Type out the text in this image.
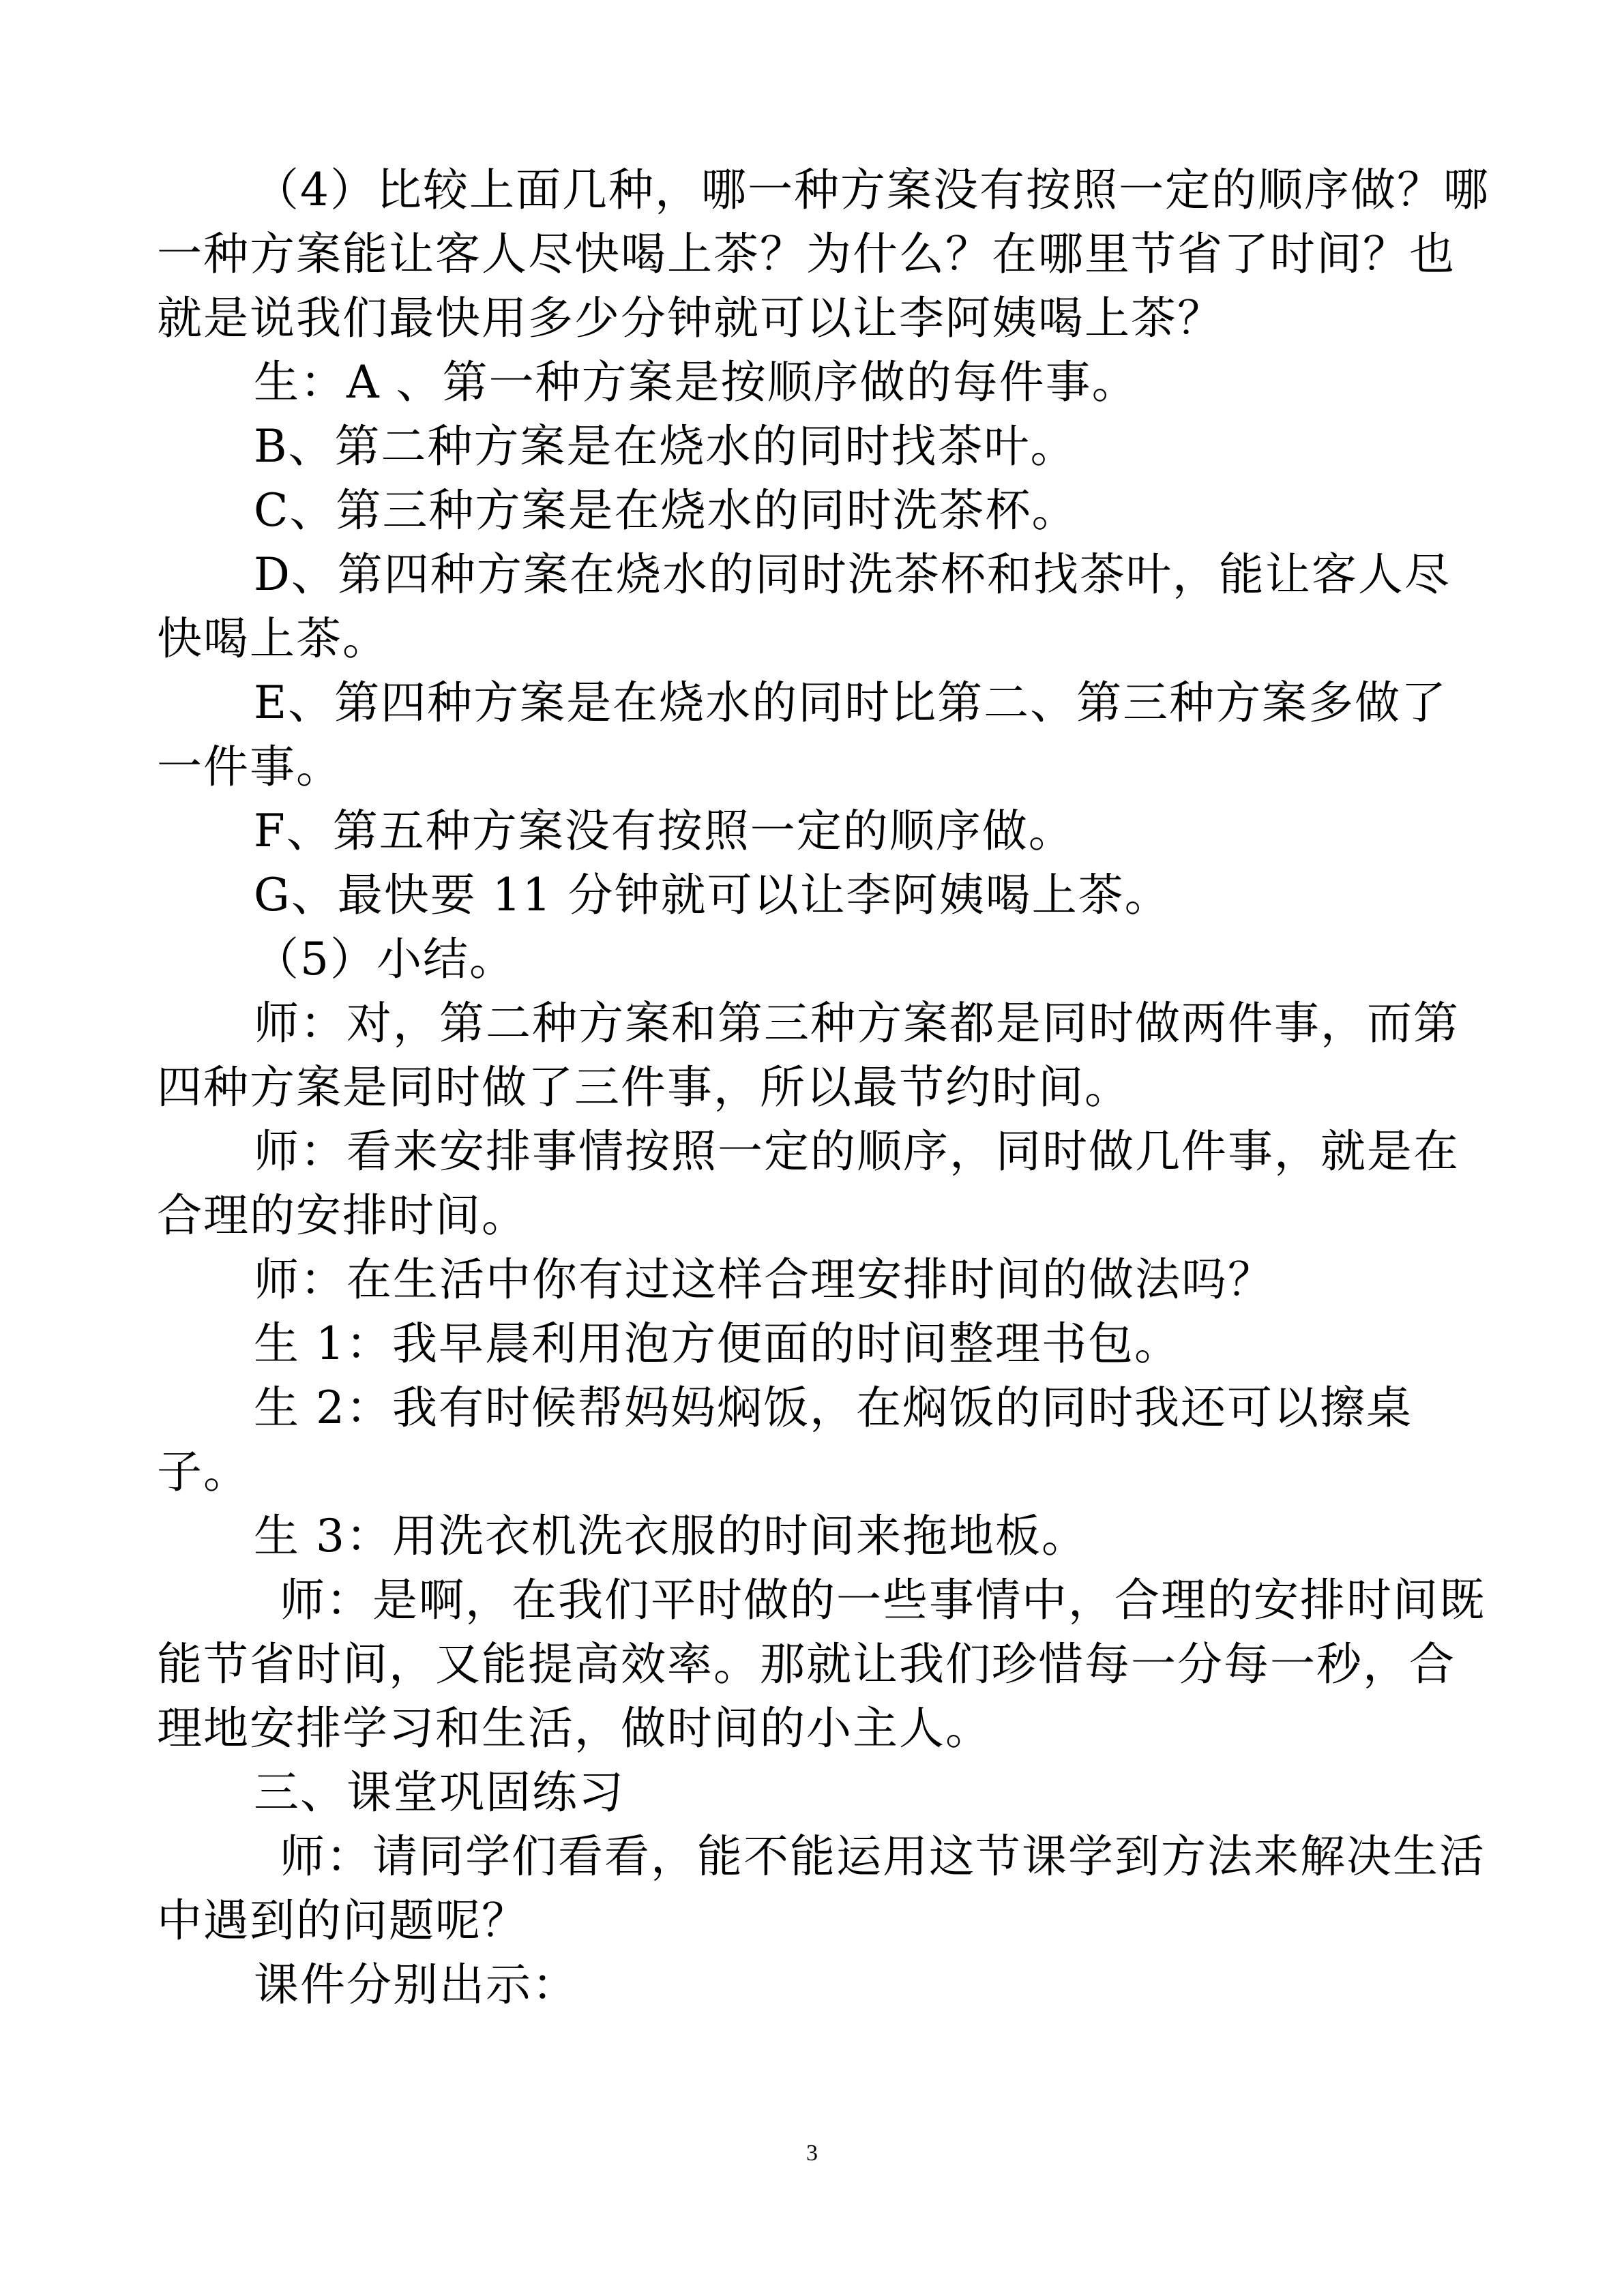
（4）比较上面几种，哪一种方案没有按照一定的顺序做？哪一种方案能让客人尽快喝上茶？为什么？在哪里节省了时间？也就是说我们最快用多少分钟就可以让李阿姨喝上茶？

生：A 、第一种方案是按顺序做的每件事。

B、第二种方案是在烧水的同时找茶叶。

C、第三种方案是在烧水的同时洗茶杯。

D、第四种方案在烧水的同时洗茶杯和找茶叶，能让客人尽快喝上茶。

E、第四种方案是在烧水的同时比第二、第三种方案多做了一件事。

F、第五种方案没有按照一定的顺序做。

G、最快要 11 分钟就可以让李阿姨喝上茶。

（5）小结。

师：对，第二种方案和第三种方案都是同时做两件事，而第四种方案是同时做了三件事，所以最节约时间。

师：看来安排事情按照一定的顺序，同时做几件事，就是在合理的安排时间。

师：在生活中你有过这样合理安排时间的做法吗？

生 1：我早晨利用泡方便面的时间整理书包。

生 2：我有时候帮妈妈焖饭，在焖饭的同时我还可以擦桌子。

生 3：用洗衣机洗衣服的时间来拖地板。

师：是啊，在我们平时做的一些事情中，合理的安排时间既能节省时间，又能提高效率。那就让我们珍惜每一分每一秒，合理地安排学习和生活，做时间的小主人。

三、课堂巩固练习

师：请同学们看看，能不能运用这节课学到方法来解决生活中遇到的问题呢？

课件分别出示：

3
